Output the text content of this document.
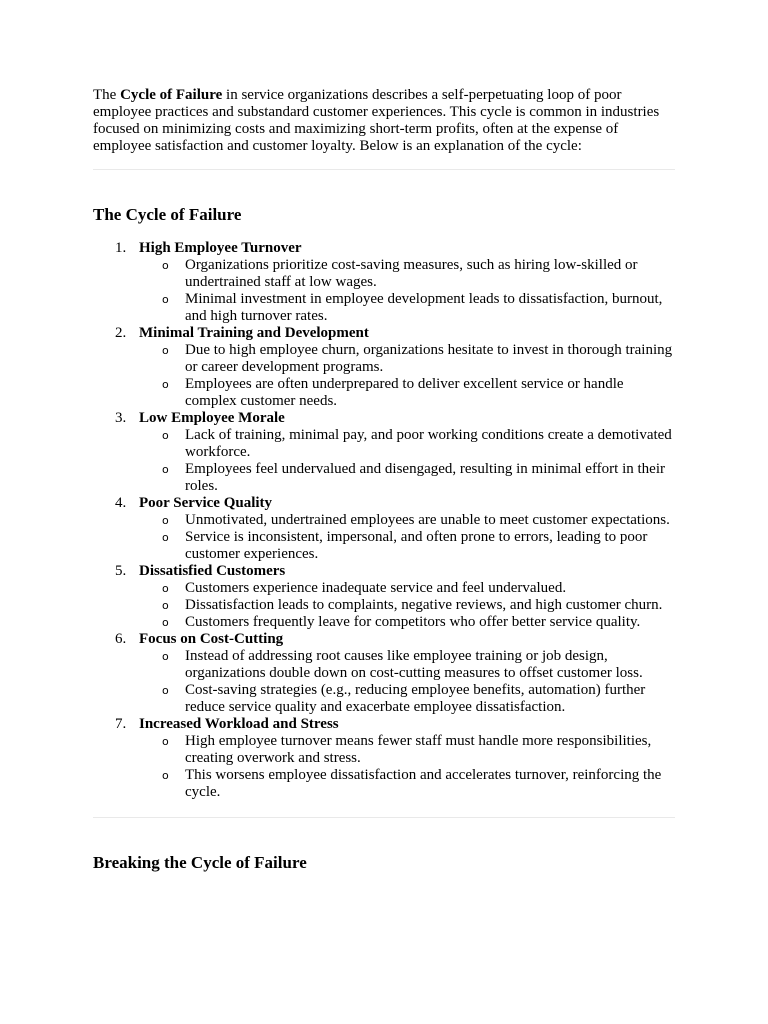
The Cycle of Failure in service organizations describes a self-perpetuating loop of poor employee practices and substandard customer experiences. This cycle is common in industries focused on minimizing costs and maximizing short-term profits, often at the expense of employee satisfaction and customer loyalty. Below is an explanation of the cycle:

The Cycle of Failure
1. High Employee Turnover
o Organizations prioritize cost-saving measures, such as hiring low-skilled or undertrained staff at low wages.
o Minimal investment in employee development leads to dissatisfaction, burnout, and high turnover rates.
2. Minimal Training and Development
o Due to high employee churn, organizations hesitate to invest in thorough training or career development programs.
o Employees are often underprepared to deliver excellent service or handle complex customer needs.
3. Low Employee Morale
o Lack of training, minimal pay, and poor working conditions create a demotivated workforce.
o Employees feel undervalued and disengaged, resulting in minimal effort in their roles.
4. Poor Service Quality
o Unmotivated, undertrained employees are unable to meet customer expectations.
o Service is inconsistent, impersonal, and often prone to errors, leading to poor customer experiences.
5. Dissatisfied Customers
o Customers experience inadequate service and feel undervalued.
o Dissatisfaction leads to complaints, negative reviews, and high customer churn.
o Customers frequently leave for competitors who offer better service quality.
6. Focus on Cost-Cutting
o Instead of addressing root causes like employee training or job design, organizations double down on cost-cutting measures to offset customer loss.
o Cost-saving strategies (e.g., reducing employee benefits, automation) further reduce service quality and exacerbate employee dissatisfaction.
7. Increased Workload and Stress
o High employee turnover means fewer staff must handle more responsibilities, creating overwork and stress.
o This worsens employee dissatisfaction and accelerates turnover, reinforcing the cycle.
Breaking the Cycle of Failure
